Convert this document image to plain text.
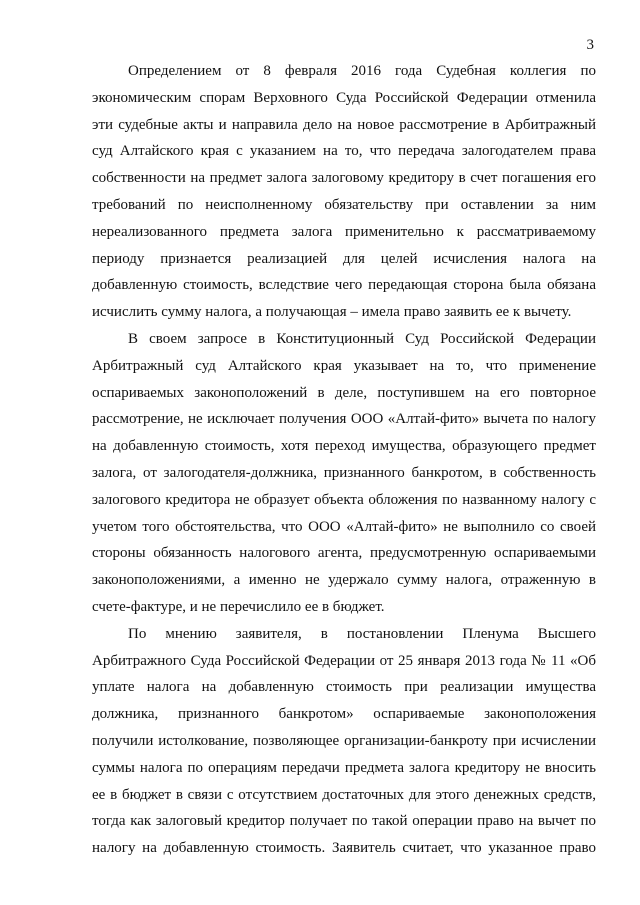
3
Определением от 8 февраля 2016 года Судебная коллегия по
экономическим спорам Верховного Суда Российской Федерации отменила
эти судебные акты и направила дело на новое рассмотрение в Арбитражный
суд Алтайского края с указанием на то, что передача залогодателем права
собственности на предмет залога залоговому кредитору в счет погашения его
требований по неисполненному обязательству при оставлении за ним
нереализованного предмета залога применительно к рассматриваемому
периоду признается реализацией для целей исчисления налога на
добавленную стоимость, вследствие чего передающая сторона была обязана
исчислить сумму налога, а получающая – имела право заявить ее к вычету.
В своем запросе в Конституционный Суд Российской Федерации
Арбитражный суд Алтайского края указывает на то, что применение
оспариваемых законоположений в деле, поступившем на его повторное
рассмотрение, не исключает получения ООО «Алтай-фито» вычета по налогу
на добавленную стоимость, хотя переход имущества, образующего предмет
залога, от залогодателя-должника, признанного банкротом, в собственность
залогового кредитора не образует объекта обложения по названному налогу с
учетом того обстоятельства, что ООО «Алтай-фито» не выполнило со своей
стороны обязанность налогового агента, предусмотренную оспариваемыми
законоположениями, а именно не удержало сумму налога, отраженную в
счете-фактуре, и не перечислило ее в бюджет.
По мнению заявителя, в постановлении Пленума Высшего
Арбитражного Суда Российской Федерации от 25 января 2013 года № 11 «Об
уплате налога на добавленную стоимость при реализации имущества
должника, признанного банкротом» оспариваемые законоположения
получили истолкование, позволяющее организации-банкроту при исчислении
суммы налога по операциям передачи предмета залога кредитору не вносить
ее в бюджет в связи с отсутствием достаточных для этого денежных средств,
тогда как залоговый кредитор получает по такой операции право на вычет по
налогу на добавленную стоимость. Заявитель считает, что указанное право
